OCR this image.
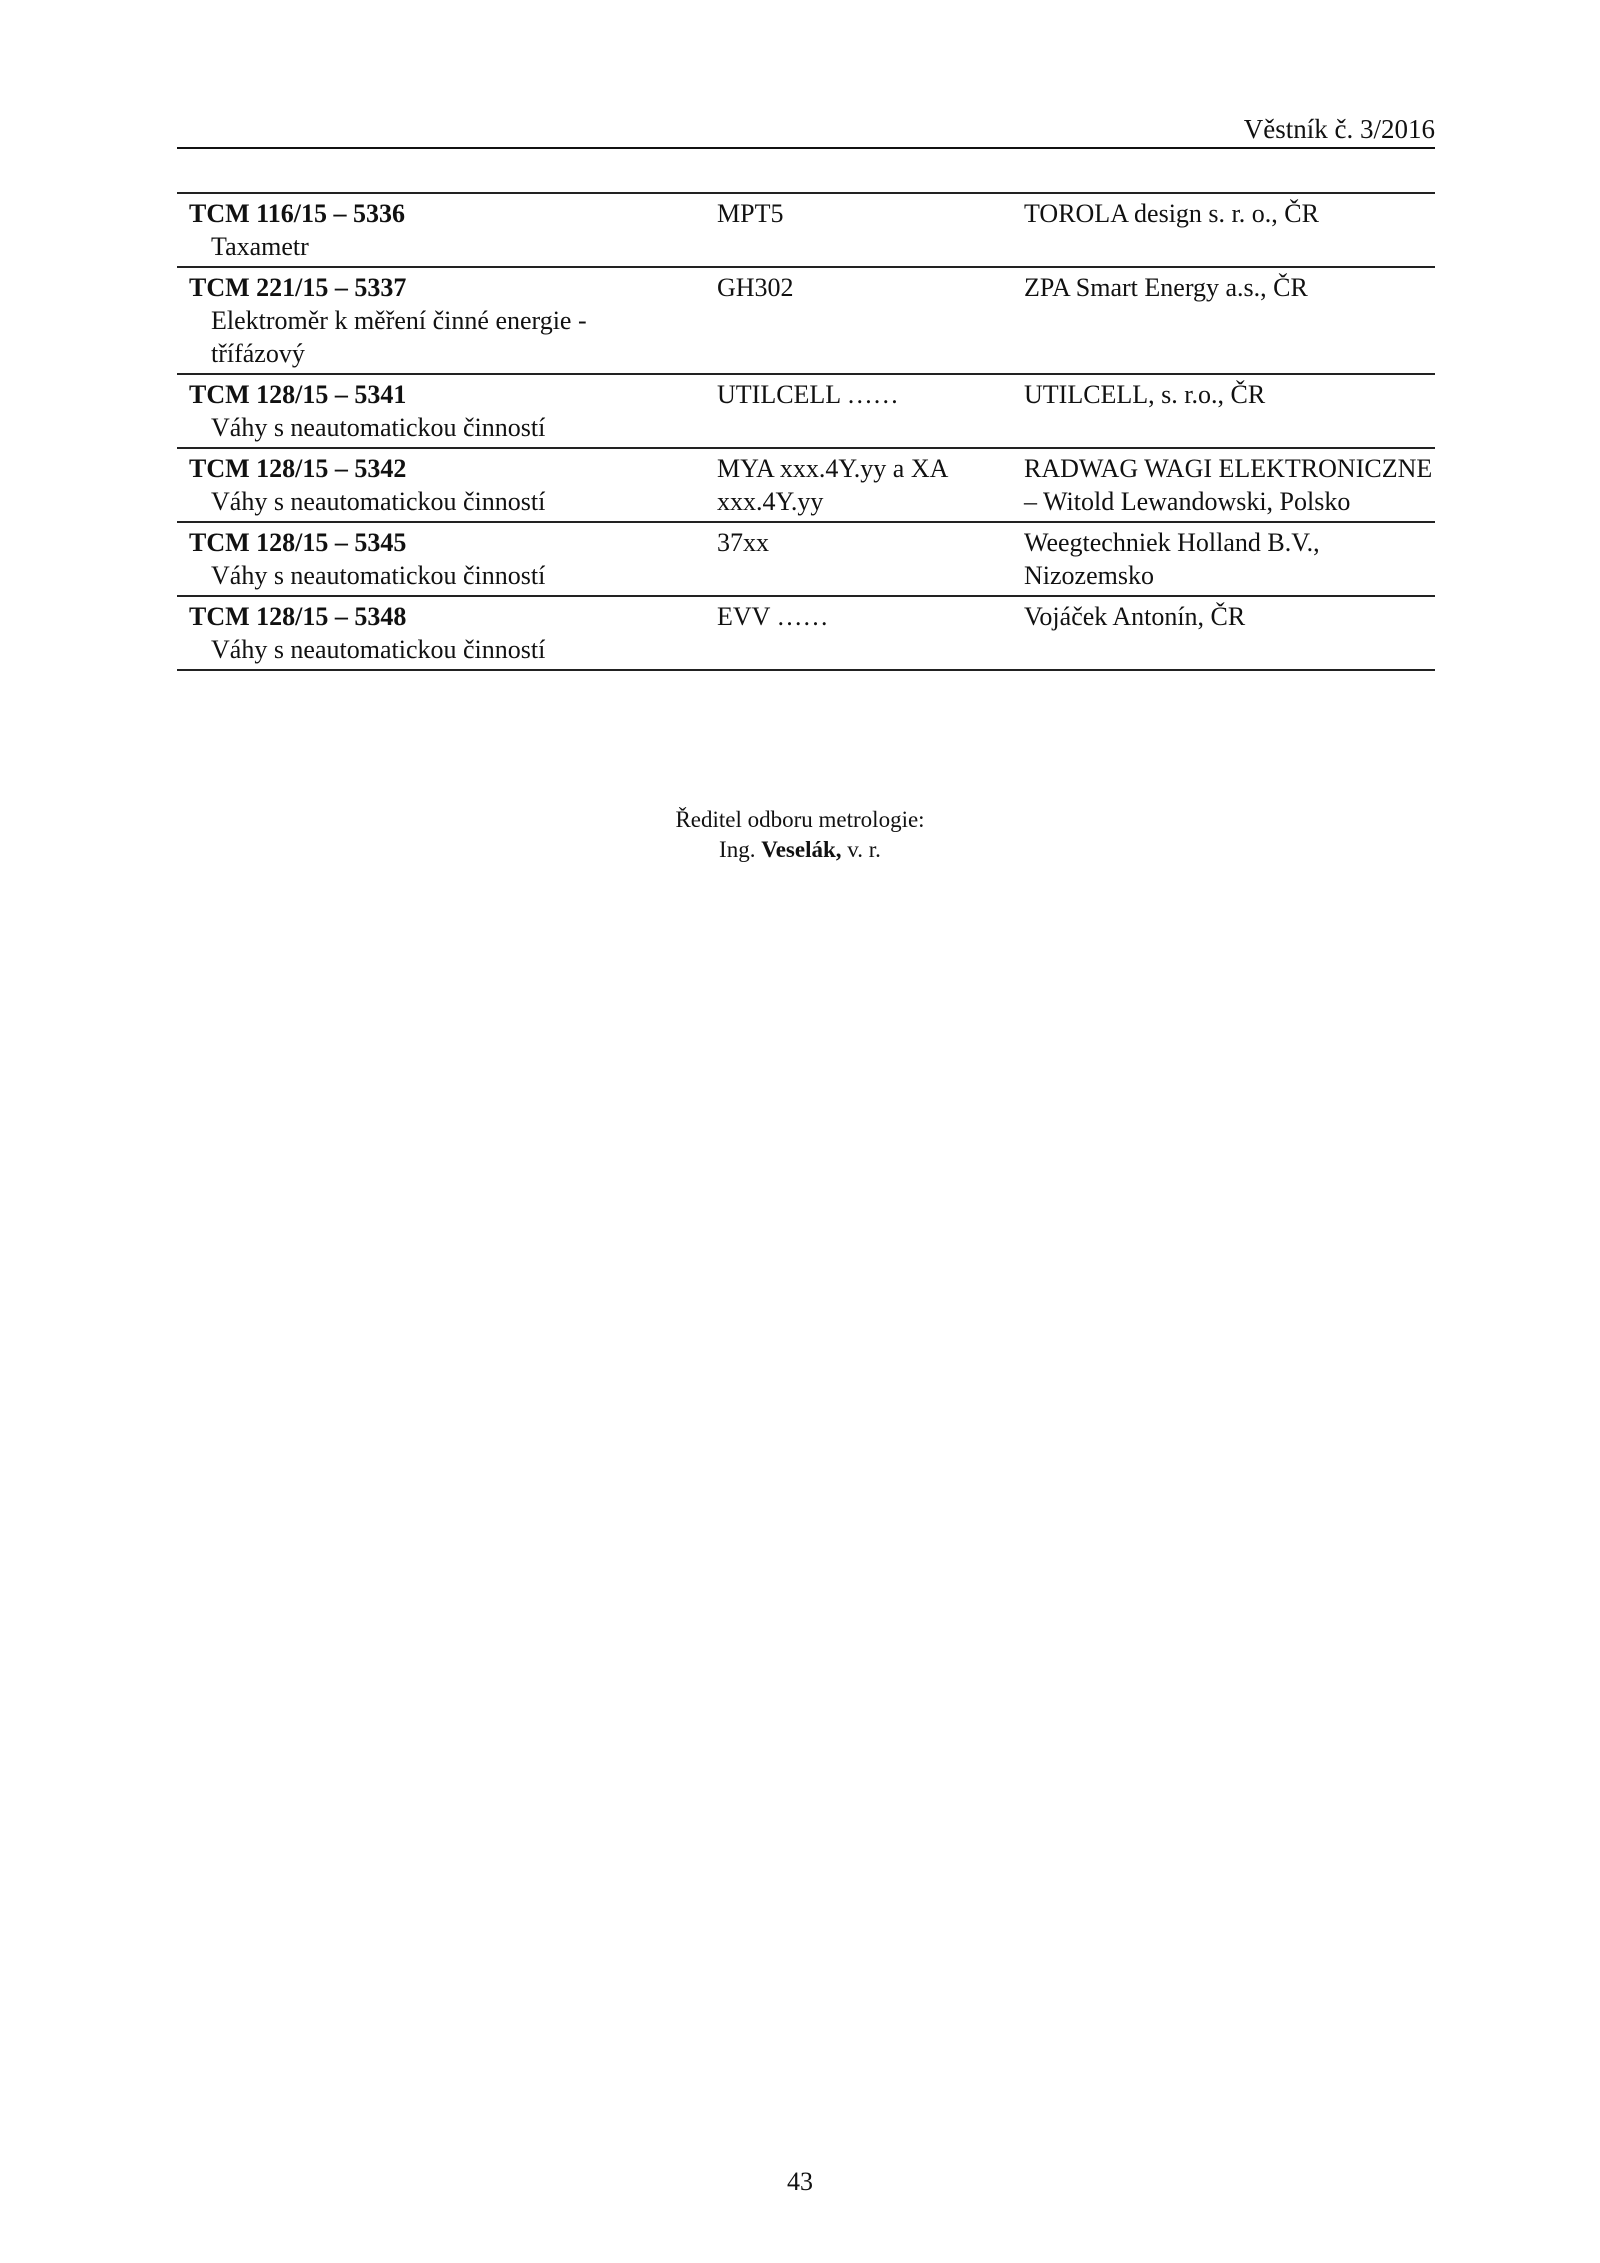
Věstník č. 3/2016
TCM 116/15 – 5336
Taxametr	MPT5	TOROLA design s. r. o., ČR

TCM 221/15 – 5337
Elektroměr k měření činné energie - třífázový	GH302	ZPA Smart Energy a.s., ČR

TCM 128/15 – 5341
Váhy s neautomatickou činností	UTILCELL ……	UTILCELL, s. r.o., ČR

TCM 128/15 – 5342
Váhy s neautomatickou činností	MYA xxx.4Y.yy a XA xxx.4Y.yy	RADWAG WAGI ELEKTRONICZNE – Witold Lewandowski, Polsko

TCM 128/15 – 5345
Váhy s neautomatickou činností	37xx	Weegtechniek Holland B.V., Nizozemsko

TCM 128/15 – 5348
Váhy s neautomatickou činností	EVV ……	Vojáček Antonín, ČR
Ředitel odboru metrologie:
Ing. Veselák, v. r.
43
